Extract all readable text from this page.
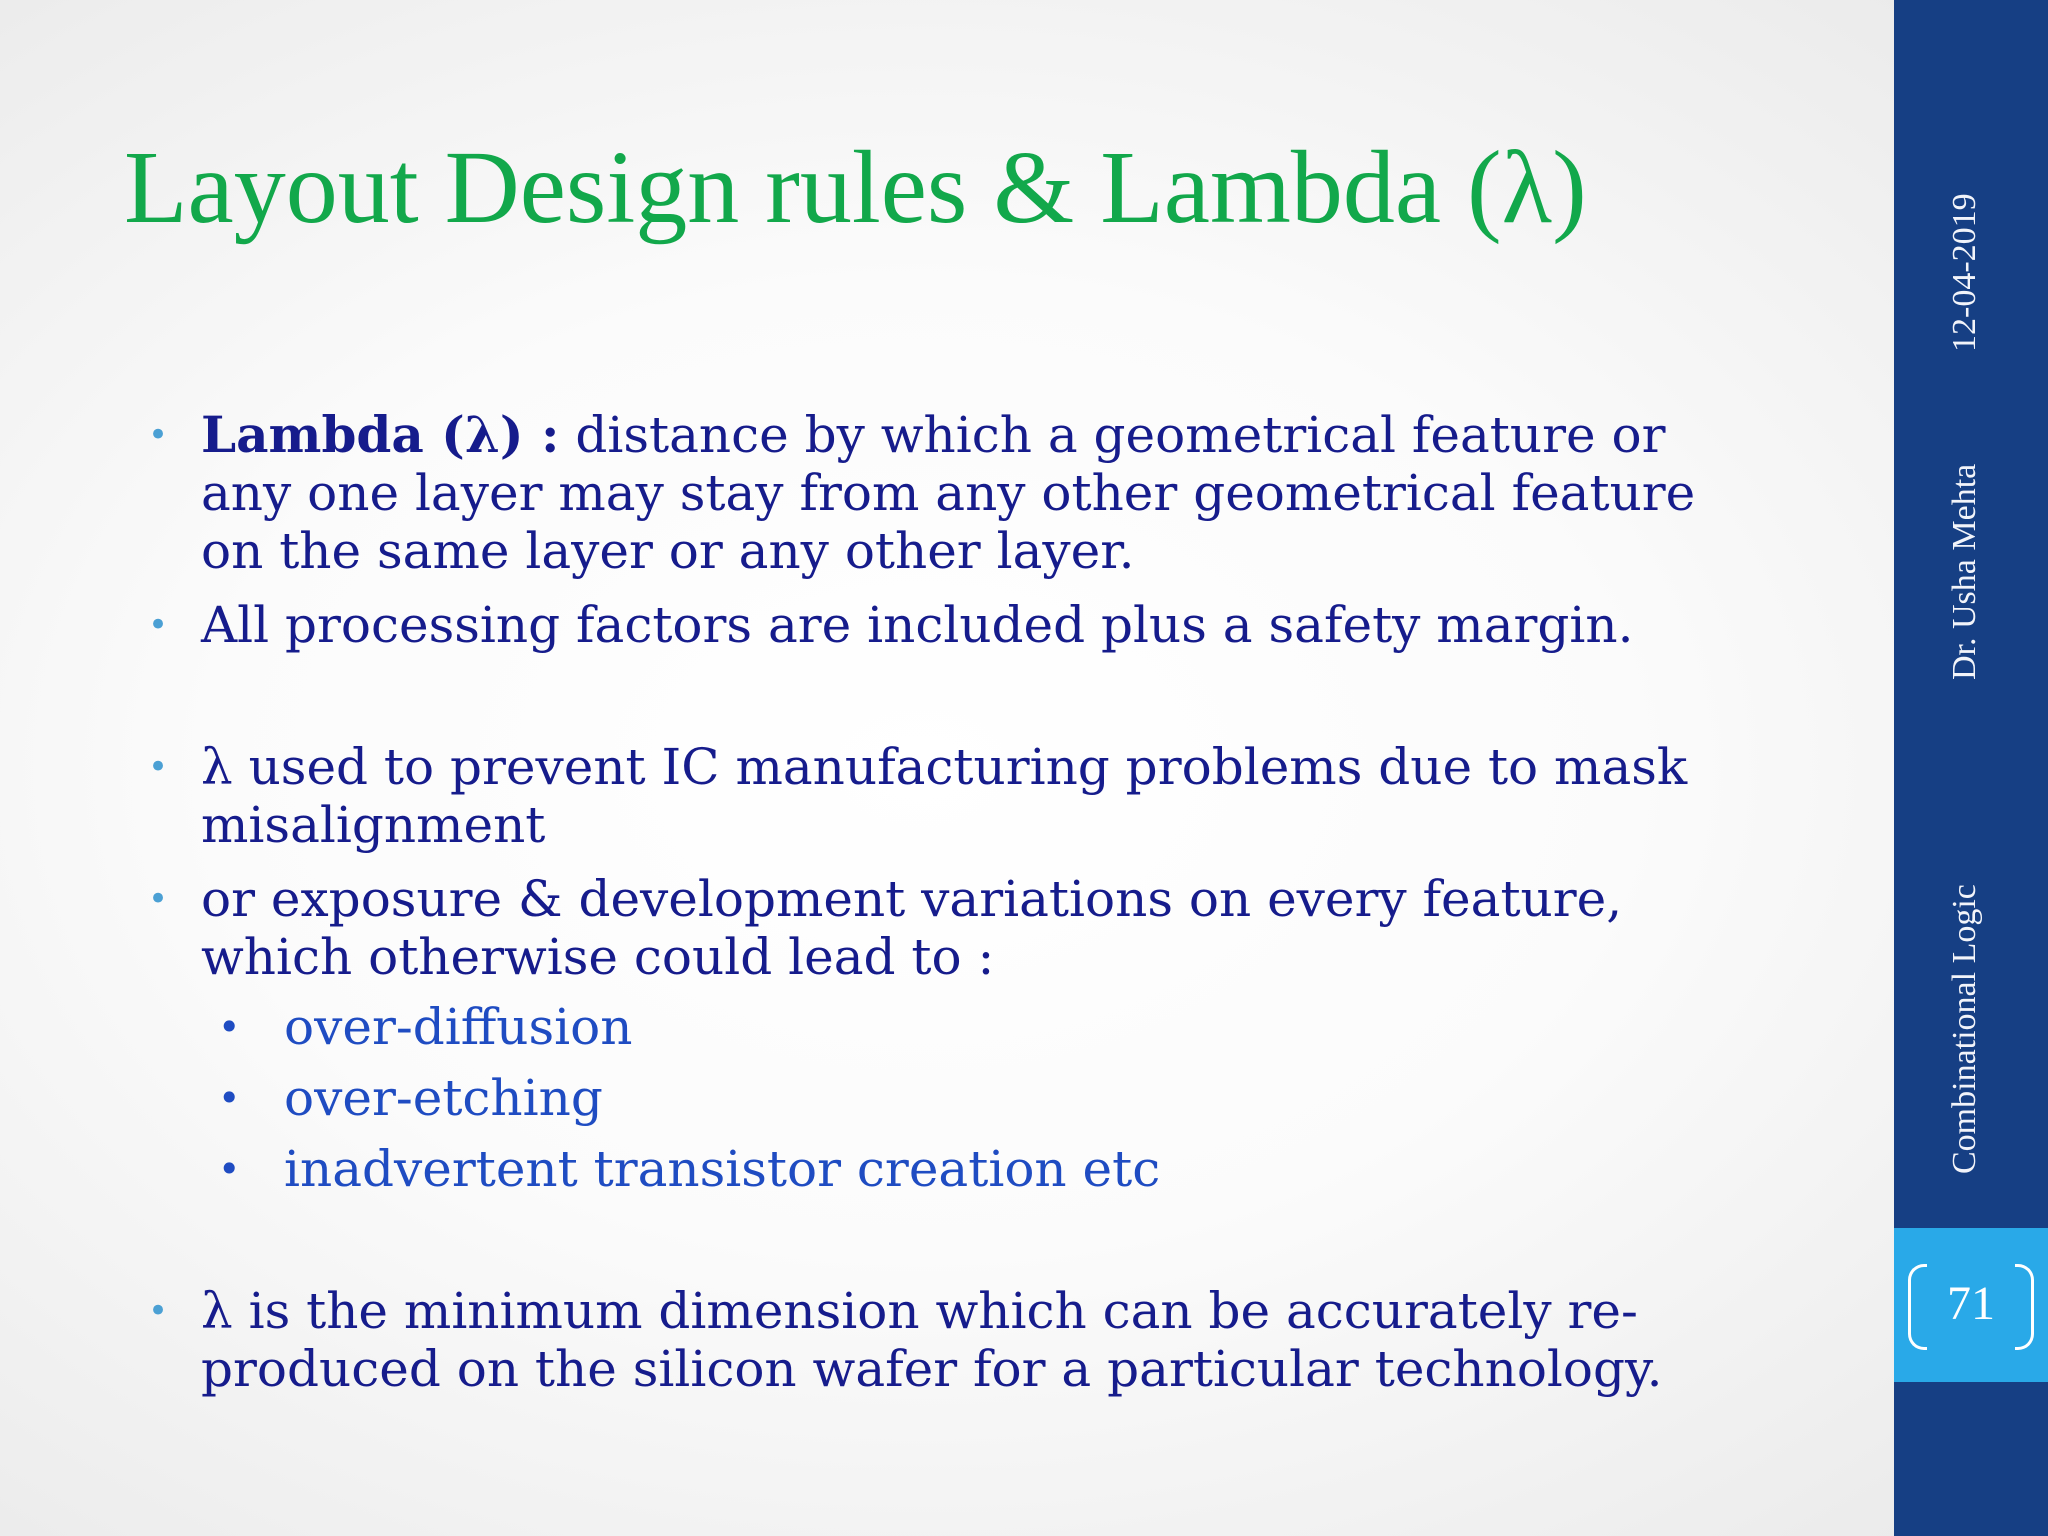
Layout Design rules & Lambda (λ)
• Lambda (λ) : distance by which a geometrical feature or any one layer may stay from any other geometrical feature on the same layer or any other layer.
• All processing factors are included plus a safety margin.
• λ used to prevent IC manufacturing problems due to mask misalignment
• or exposure & development variations on every feature, which otherwise could lead to :
• over-diffusion
• over-etching
• inadvertent transistor creation etc
• λ is the minimum dimension which can be accurately re-produced on the silicon wafer for a particular technology.
12-04-2019
Dr. Usha Mehta
Combinational Logic
71
